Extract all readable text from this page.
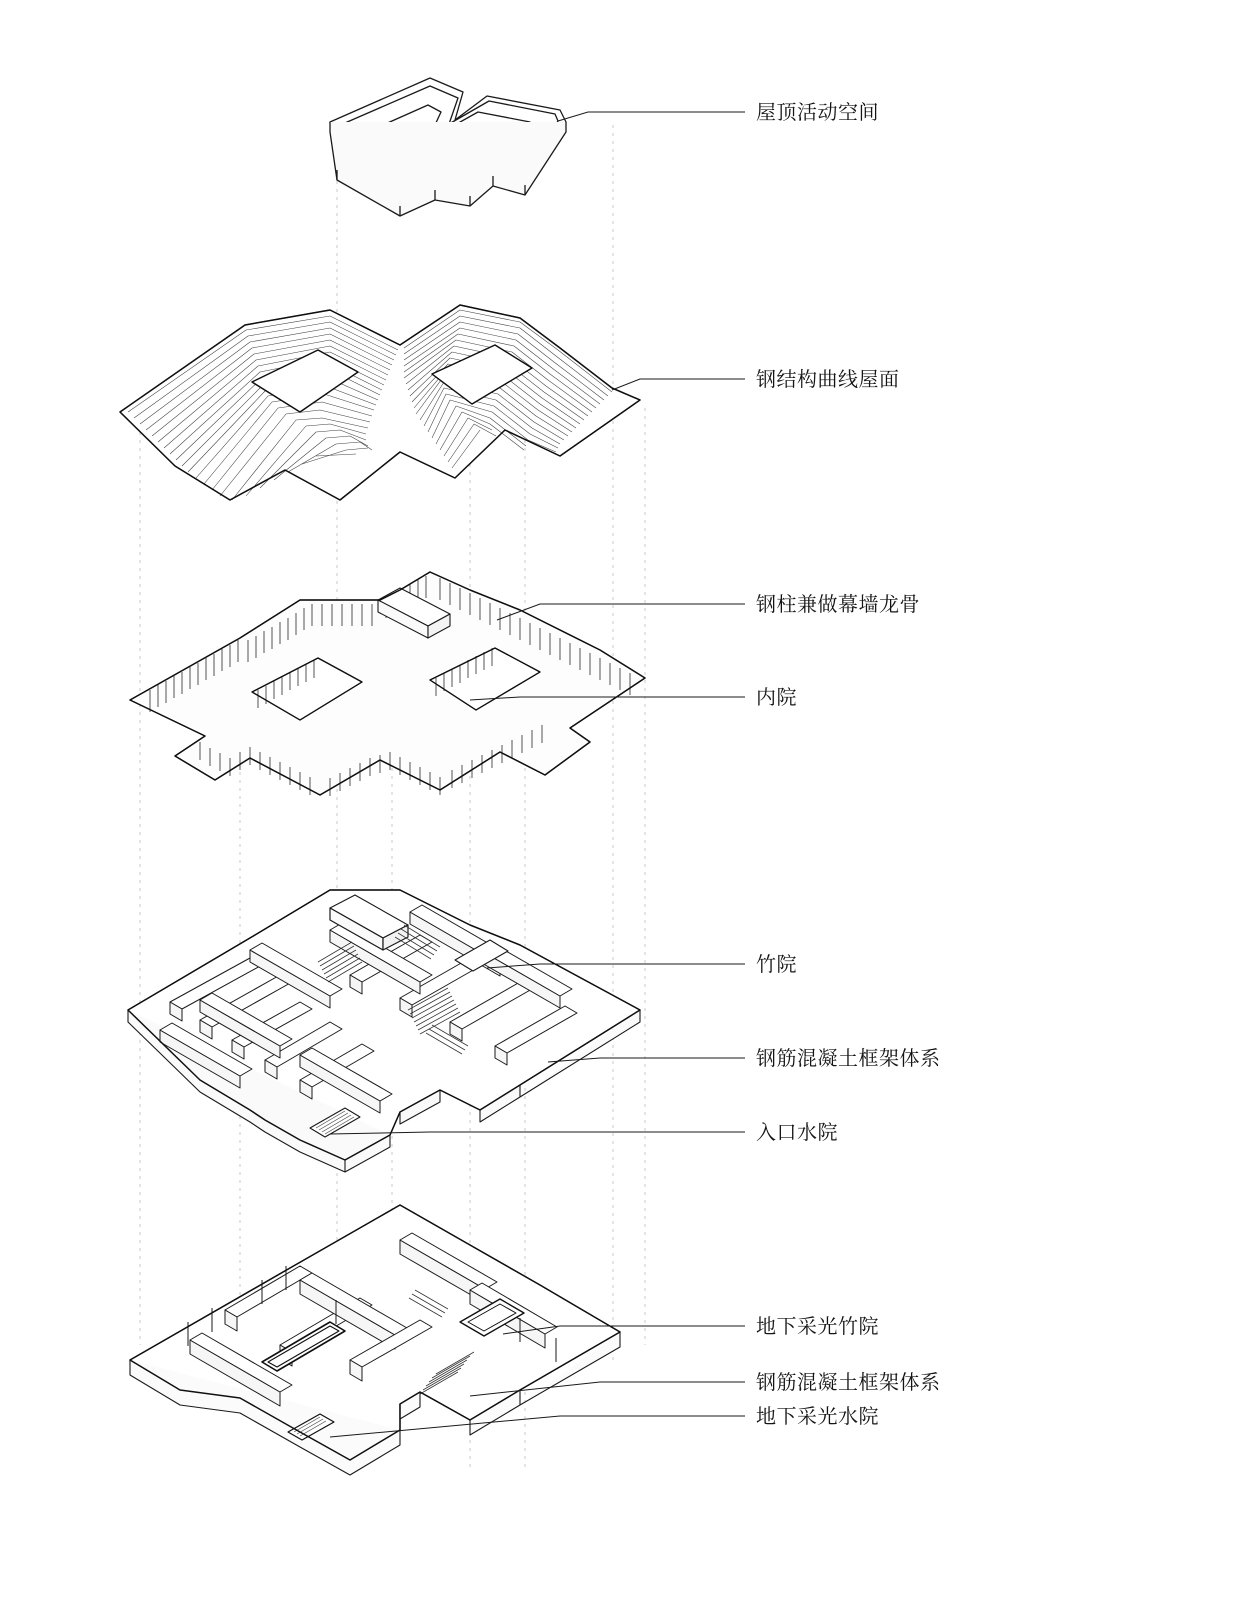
屋顶活动空间
钢结构曲线屋面
钢柱兼做幕墙龙骨
内院
竹院
钢筋混凝土框架体系
入口水院
地下采光竹院
钢筋混凝土框架体系
地下采光水院
